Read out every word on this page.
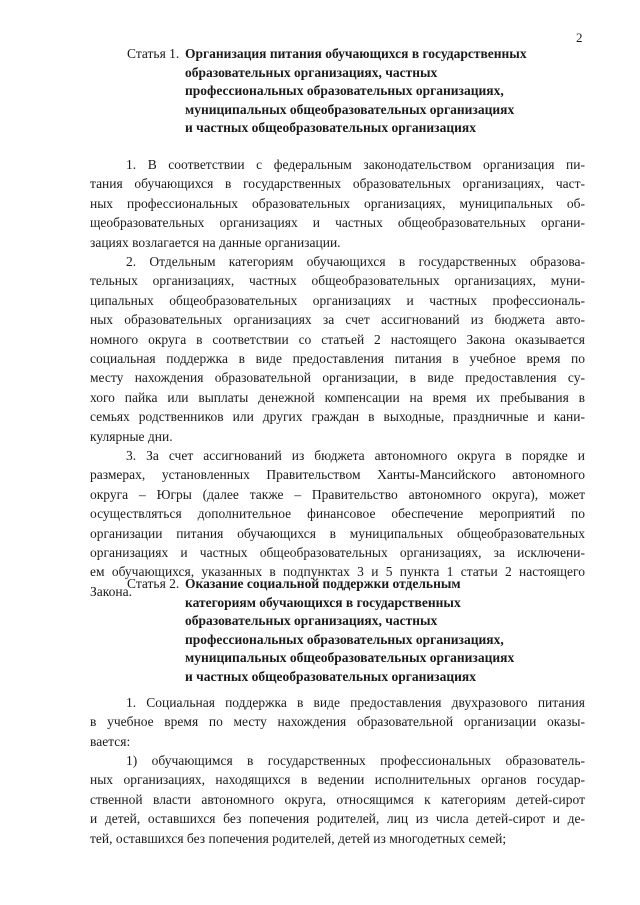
2
Статья 1. Организация питания обучающихся в государственных
образовательных организациях, частных
профессиональных образовательных организациях,
муниципальных общеобразовательных организациях
и частных общеобразовательных организациях
1. В соответствии с федеральным законодательством организация пи-
тания обучающихся в государственных образовательных организациях, част-
ных профессиональных образовательных организациях, муниципальных об-
щеобразовательных организациях и частных общеобразовательных органи-
зациях возлагается на данные организации.
2. Отдельным категориям обучающихся в государственных образова-
тельных организациях, частных общеобразовательных организациях, муни-
ципальных общеобразовательных организациях и частных профессиональ-
ных образовательных организациях за счет ассигнований из бюджета авто-
номного округа в соответствии со статьей 2 настоящего Закона оказывается
социальная поддержка в виде предоставления питания в учебное время по
месту нахождения образовательной организации, в виде предоставления су-
хого пайка или выплаты денежной компенсации на время их пребывания в
семьях родственников или других граждан в выходные, праздничные и кани-
кулярные дни.
3. За счет ассигнований из бюджета автономного округа в порядке и
размерах, установленных Правительством Ханты-Мансийского автономного
округа – Югры (далее также – Правительство автономного округа), может
осуществляться дополнительное финансовое обеспечение мероприятий по
организации питания обучающихся в муниципальных общеобразовательных
организациях и частных общеобразовательных организациях, за исключени-
ем обучающихся, указанных в подпунктах 3 и 5 пункта 1 статьи 2 настоящего
Закона.
Статья 2. Оказание социальной поддержки отдельным
категориям обучающихся в государственных
образовательных организациях, частных
профессиональных образовательных организациях,
муниципальных общеобразовательных организациях
и частных общеобразовательных организациях
1. Социальная поддержка в виде предоставления двухразового питания
в учебное время по месту нахождения образовательной организации оказы-
вается:
1) обучающимся в государственных профессиональных образователь-
ных организациях, находящихся в ведении исполнительных органов государ-
ственной власти автономного округа, относящимся к категориям детей-сирот
и детей, оставшихся без попечения родителей, лиц из числа детей-сирот и де-
тей, оставшихся без попечения родителей, детей из многодетных семей;
